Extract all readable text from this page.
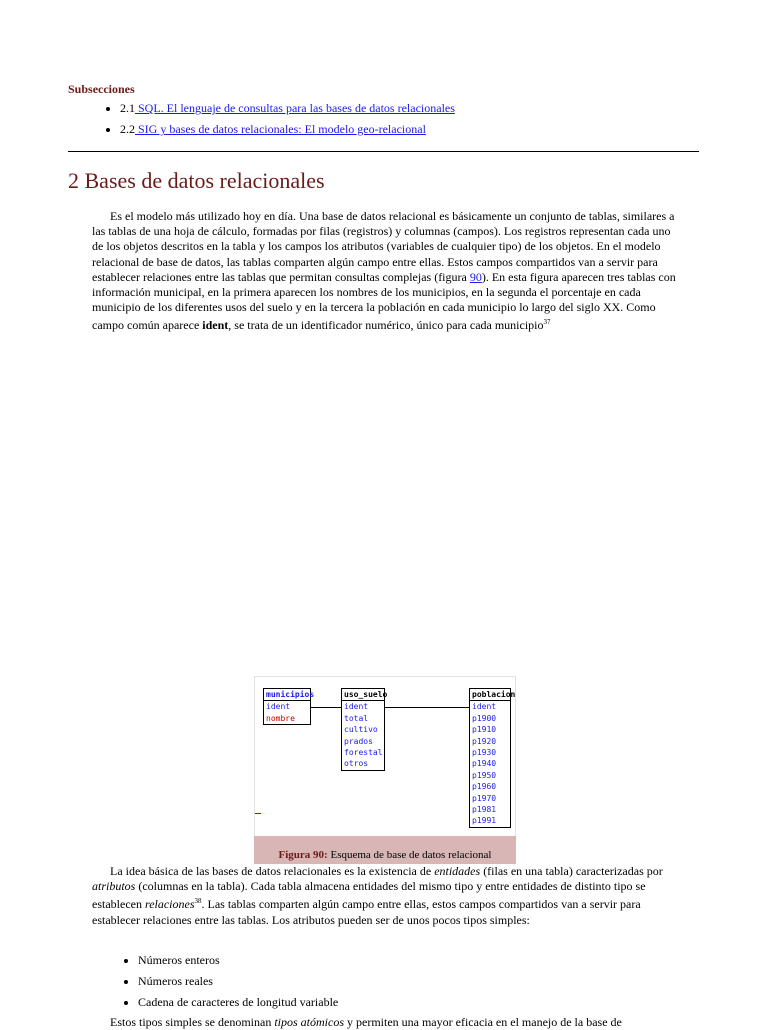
Subsecciones
• 2.1 SQL. El lenguaje de consultas para las bases de datos relacionales
• 2.2 SIG y bases de datos relacionales: El modelo geo-relacional
2 Bases de datos relacionales

Es el modelo más utilizado hoy en día. Una base de datos relacional es básicamente un conjunto de tablas, similares a las tablas de una hoja de cálculo, formadas por filas (registros) y columnas (campos). Los registros representan cada uno de los objetos descritos en la tabla y los campos los atributos (variables de cualquier tipo) de los objetos. En el modelo relacional de base de datos, las tablas comparten algún campo entre ellas. Estos campos compartidos van a servir para establecer relaciones entre las tablas que permitan consultas complejas (figura 90). En esta figura aparecen tres tablas con información municipal, en la primera aparecen los nombres de los municipios, en la segunda el porcentaje en cada municipio de los diferentes usos del suelo y en la tercera la población en cada municipio lo largo del siglo XX. Como campo común aparece ident, se trata de un identificador numérico, único para cada municipio$^{37}$

municipios
ident
nombre
uso_suelo
ident
total
cultivo
prados
forestal
otros
poblacion
ident
p1900
p1910
p1920
p1930
p1940
p1950
p1960
p1970
p1981
p1991
Figura 90: Esquema de base de datos relacional

La idea básica de las bases de datos relacionales es la existencia de entidades (filas en una tabla) caracterizadas por atributos (columnas en la tabla). Cada tabla almacena entidades del mismo tipo y entre entidades de distinto tipo se establecen relaciones$^{38}$. Las tablas comparten algún campo entre ellas, estos campos compartidos van a servir para establecer relaciones entre las tablas. Los atributos pueden ser de unos pocos tipos simples:

• Números enteros
• Números reales
• Cadena de caracteres de longitud variable

Estos tipos simples se denominan tipos atómicos y permiten una mayor eficacia en el manejo de la base de
